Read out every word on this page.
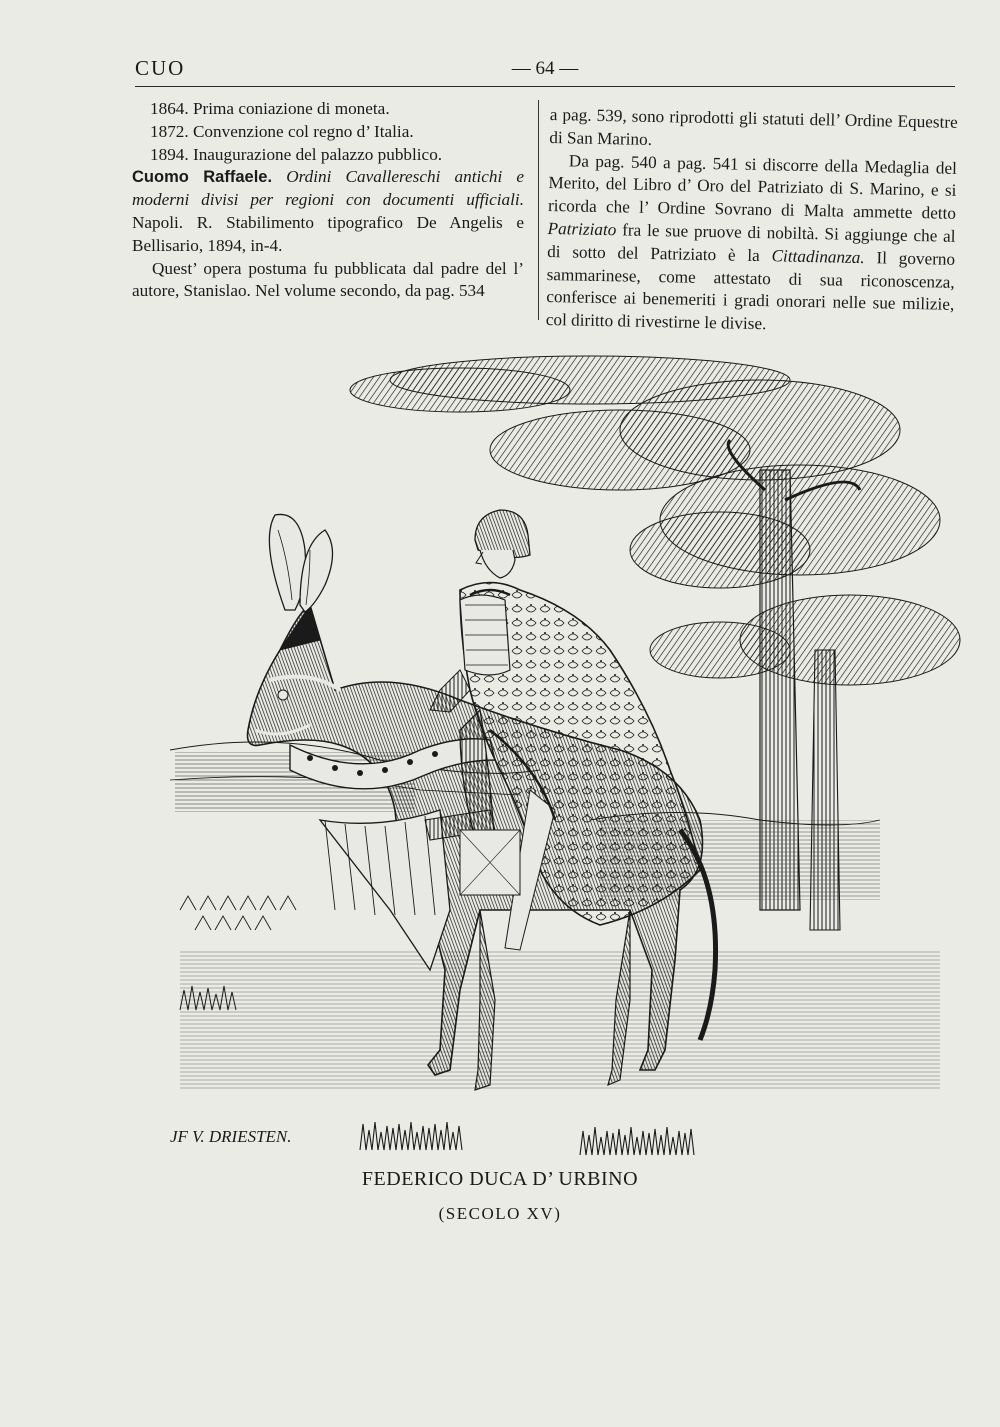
CUO	— 64 —
1864. Prima coniazione di moneta.
1872. Convenzione col regno d’ Italia.
1894. Inaugurazione del palazzo pubblico.

Cuomo Raffaele. Ordini Cavallereschi antichi e moderni divisi per regioni con documenti ufficiali. Napoli. R. Stabilimento tipografico De Angelis e Bellisario, 1894, in-4.

Quest’ opera postuma fu pubblicata dal padre del l’ autore, Stanislao. Nel volume secondo, da pag. 534

a pag. 539, sono riprodotti gli statuti dell’ Ordine Equestre di San Marino.

Da pag. 540 a pag. 541 si discorre della Medaglia del Merito, del Libro d’ Oro del Patriziato di S. Marino, e si ricorda che l’ Ordine Sovrano di Malta ammette detto Patriziato fra le sue pruove di nobiltà. Si aggiunge che al di sotto del Patriziato è la Cittadinanza. Il governo sammarinese, come attestato di sua riconoscenza, conferisce ai benemeriti i gradi onorari nelle sue milizie, col diritto di rivestirne le divise.

JF V. DRIESTEN.
FEDERICO DUCA D’ URBINO
(SECOLO XV)
